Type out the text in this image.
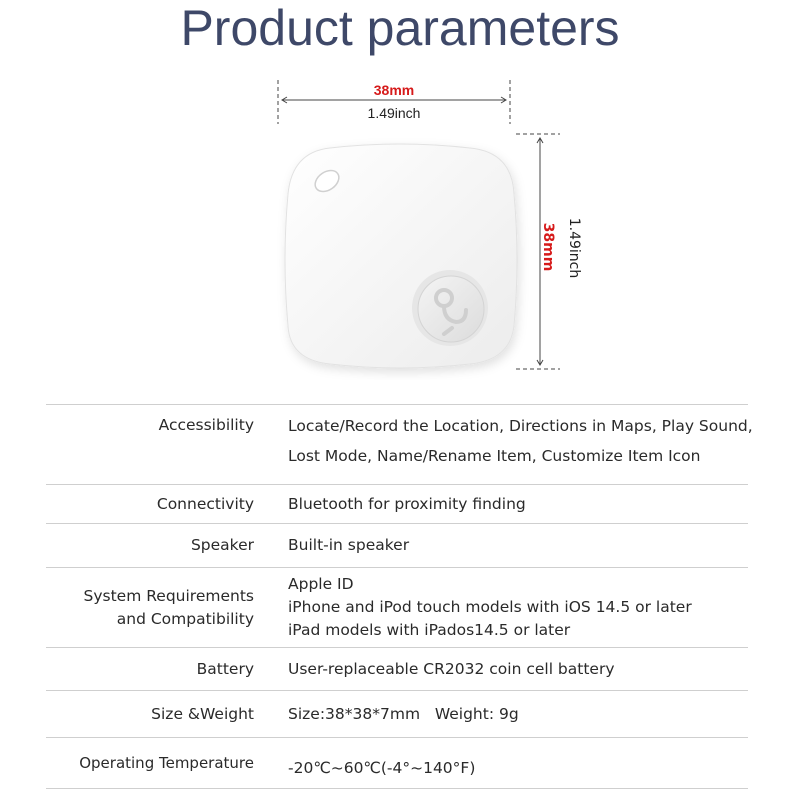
Product parameters
38mm
1.49inch
38mm 1.49inch
Accessibility Locate/Record the Location, Directions in Maps, Play Sound,
Lost Mode, Name/Rename Item, Customize Item Icon
Connectivity Bluetooth for proximity finding
Speaker Built-in speaker
System Requirements
and Compatibility
Apple ID
iPhone and iPod touch models with iOS 14.5 or later
iPad models with iPados14.5 or later
Battery User-replaceable CR2032 coin cell battery
Size &Weight

Size:38*38*7mm   Weight: 9g

Operating Temperature -20℃~60℃(-4°~140°F)
